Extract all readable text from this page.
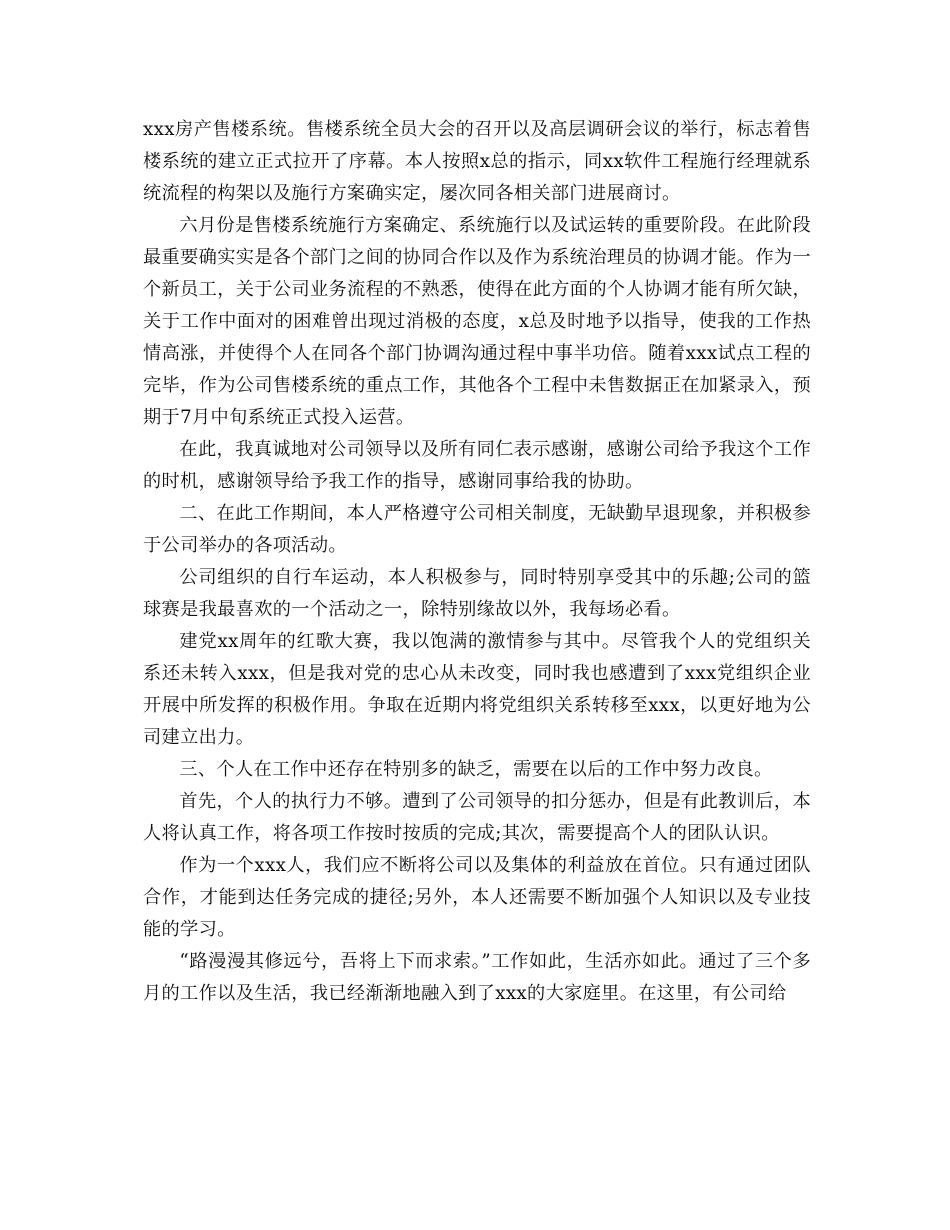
xxx房产售楼系统。售楼系统全员大会的召开以及高层调研会议的举行，标志着售楼系统的建立正式拉开了序幕。本人按照x总的指示，同xx软件工程施行经理就系统流程的构架以及施行方案确实定，屡次同各相关部门进展商讨。

六月份是售楼系统施行方案确定、系统施行以及试运转的重要阶段。在此阶段最重要确实实是各个部门之间的协同合作以及作为系统治理员的协调才能。作为一个新员工，关于公司业务流程的不熟悉，使得在此方面的个人协调才能有所欠缺，关于工作中面对的困难曾出现过消极的态度，x总及时地予以指导，使我的工作热情高涨，并使得个人在同各个部门协调沟通过程中事半功倍。随着xxx试点工程的完毕，作为公司售楼系统的重点工作，其他各个工程中未售数据正在加紧录入，预期于7月中旬系统正式投入运营。

在此，我真诚地对公司领导以及所有同仁表示感谢，感谢公司给予我这个工作的时机，感谢领导给予我工作的指导，感谢同事给我的协助。

二、在此工作期间，本人严格遵守公司相关制度，无缺勤早退现象，并积极参于公司举办的各项活动。

公司组织的自行车运动，本人积极参与，同时特别享受其中的乐趣;公司的篮球赛是我最喜欢的一个活动之一，除特别缘故以外，我每场必看。

建党xx周年的红歌大赛，我以饱满的激情参与其中。尽管我个人的党组织关系还未转入xxx，但是我对党的忠心从未改变，同时我也感遭到了xxx党组织企业开展中所发挥的积极作用。争取在近期内将党组织关系转移至xxx，以更好地为公司建立出力。

三、个人在工作中还存在特别多的缺乏，需要在以后的工作中努力改良。

首先，个人的执行力不够。遭到了公司领导的扣分惩办，但是有此教训后，本人将认真工作，将各项工作按时按质的完成;其次，需要提高个人的团队认识。

作为一个xxx人，我们应不断将公司以及集体的利益放在首位。只有通过团队合作，才能到达任务完成的捷径;另外，本人还需要不断加强个人知识以及专业技能的学习。

“路漫漫其修远兮，吾将上下而求索。”工作如此，生活亦如此。通过了三个多月的工作以及生活，我已经渐渐地融入到了xxx的大家庭里。在这里，有公司给
